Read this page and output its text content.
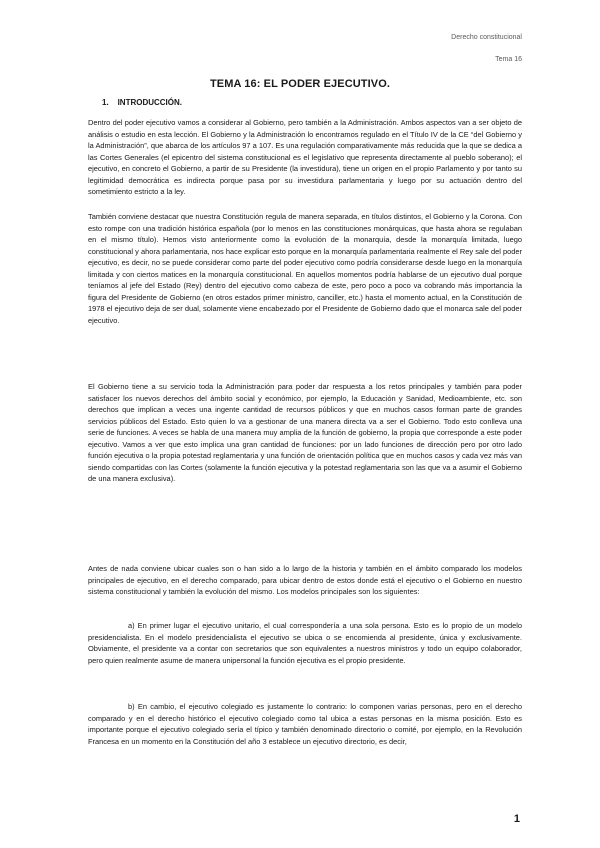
Derecho constitucional
Tema 16
TEMA 16: EL PODER EJECUTIVO.
1. INTRODUCCIÓN.

Dentro del poder ejecutivo vamos a considerar al Gobierno, pero también a la Administración. Ambos aspectos van a ser objeto de análisis o estudio en esta lección. El Gobierno y la Administración lo encontramos regulado en el Título IV de la CE “del Gobierno y la Administración”, que abarca de los artículos 97 a 107. Es una regulación comparativamente más reducida que la que se dedica a las Cortes Generales (el epicentro del sistema constitucional es el legislativo que representa directamente al pueblo soberano); el ejecutivo, en concreto el Gobierno, a partir de su Presidente (la investidura), tiene un origen en el propio Parlamento y por tanto su legitimidad democrática es indirecta porque pasa por su investidura parlamentaria y luego por su actuación dentro del sometimiento estricto a la ley.

También conviene destacar que nuestra Constitución regula de manera separada, en títulos distintos, el Gobierno y la Corona. Con esto rompe con una tradición histórica española (por lo menos en las constituciones monárquicas, que hasta ahora se regulaban en el mismo título). Hemos visto anteriormente como la evolución de la monarquía, desde la monarquía limitada, luego constitucional y ahora parlamentaria, nos hace explicar esto porque en la monarquía parlamentaria realmente el Rey sale del poder ejecutivo, es decir, no se puede considerar como parte del poder ejecutivo como podría considerarse desde luego en la monarquía limitada y con ciertos matices en la monarquía constitucional. En aquellos momentos podría hablarse de un ejecutivo dual porque teníamos al jefe del Estado (Rey) dentro del ejecutivo como cabeza de este, pero poco a poco va cobrando más importancia la figura del Presidente de Gobierno (en otros estados primer ministro, canciller, etc.) hasta el momento actual, en la Constitución de 1978 el ejecutivo deja de ser dual, solamente viene encabezado por el Presidente de Gobierno dado que el monarca sale del poder ejecutivo.

El Gobierno tiene a su servicio toda la Administración para poder dar respuesta a los retos principales y también para poder satisfacer los nuevos derechos del ámbito social y económico, por ejemplo, la Educación y Sanidad, Medioambiente, etc. son derechos que implican a veces una ingente cantidad de recursos públicos y que en muchos casos forman parte de grandes servicios públicos del Estado. Esto quien lo va a gestionar de una manera directa va a ser el Gobierno. Todo esto conlleva una serie de funciones. A veces se habla de una manera muy amplia de la función de gobierno, la propia que corresponde a este poder ejecutivo. Vamos a ver que esto implica una gran cantidad de funciones: por un lado funciones de dirección pero por otro lado función ejecutiva o la propia potestad reglamentaria y una función de orientación política que en muchos casos y cada vez más van siendo compartidas con las Cortes (solamente la función ejecutiva y la potestad reglamentaria son las que va a asumir el Gobierno de una manera exclusiva).

Antes de nada conviene ubicar cuales son o han sido a lo largo de la historia y también en el ámbito comparado los modelos principales de ejecutivo, en el derecho comparado, para ubicar dentro de estos donde está el ejecutivo o el Gobierno en nuestro sistema constitucional y también la evolución del mismo. Los modelos principales son los siguientes:

a) En primer lugar el ejecutivo unitario, el cual correspondería a una sola persona. Esto es lo propio de un modelo presidencialista. En el modelo presidencialista el ejecutivo se ubica o se encomienda al presidente, única y exclusivamente. Obviamente, el presidente va a contar con secretarios que son equivalentes a nuestros ministros y todo un equipo colaborador, pero quien realmente asume de manera unipersonal la función ejecutiva es el propio presidente.

b) En cambio, el ejecutivo colegiado es justamente lo contrario: lo componen varias personas, pero en el derecho comparado y en el derecho histórico el ejecutivo colegiado como tal ubica a estas personas en la misma posición. Esto es importante porque el ejecutivo colegiado sería el típico y también denominado directorio o comité, por ejemplo, en la Revolución Francesa en un momento en la Constitución del año 3 establece un ejecutivo directorio, es decir,

1
